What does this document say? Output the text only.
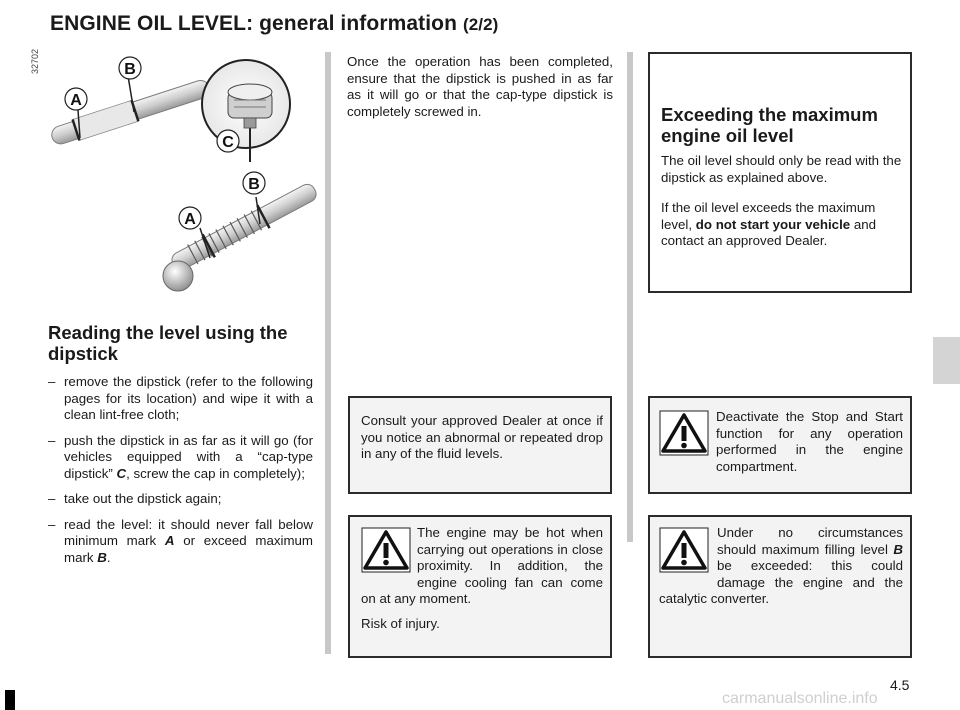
ENGINE OIL LEVEL: general information (2/2)
32702
A
B
C
A
B
Reading the level using the dipstick
– remove the dipstick (refer to the following pages for its location) and wipe it with a clean lint-free cloth;
– push the dipstick in as far as it will go (for vehicles equipped with a “cap-type dipstick” C, screw the cap in completely);
– take out the dipstick again;
– read the level: it should never fall below minimum mark A or exceed maximum mark B.
Once the operation has been completed, ensure that the dipstick is pushed in as far as it will go or that the cap-type dipstick is completely screwed in.	Exceeding the maximum engine oil level

The oil level should only be read with the dipstick as explained above.

If the oil level exceeds the maximum level, do not start your vehicle and contact an approved Dealer.

Consult your approved Dealer at once if you notice an abnormal or repeated drop in any of the fluid levels.
Deactivate the Stop and Start function for any operation performed in the engine compartment.
The engine may be hot when carrying out operations in close proximity. In addition, the engine cooling fan can come on at any moment.
Risk of injury.
Under no circumstances should maximum filling level B be exceeded: this could damage the engine and the catalytic converter.
4.5
carmanualsonline.info
